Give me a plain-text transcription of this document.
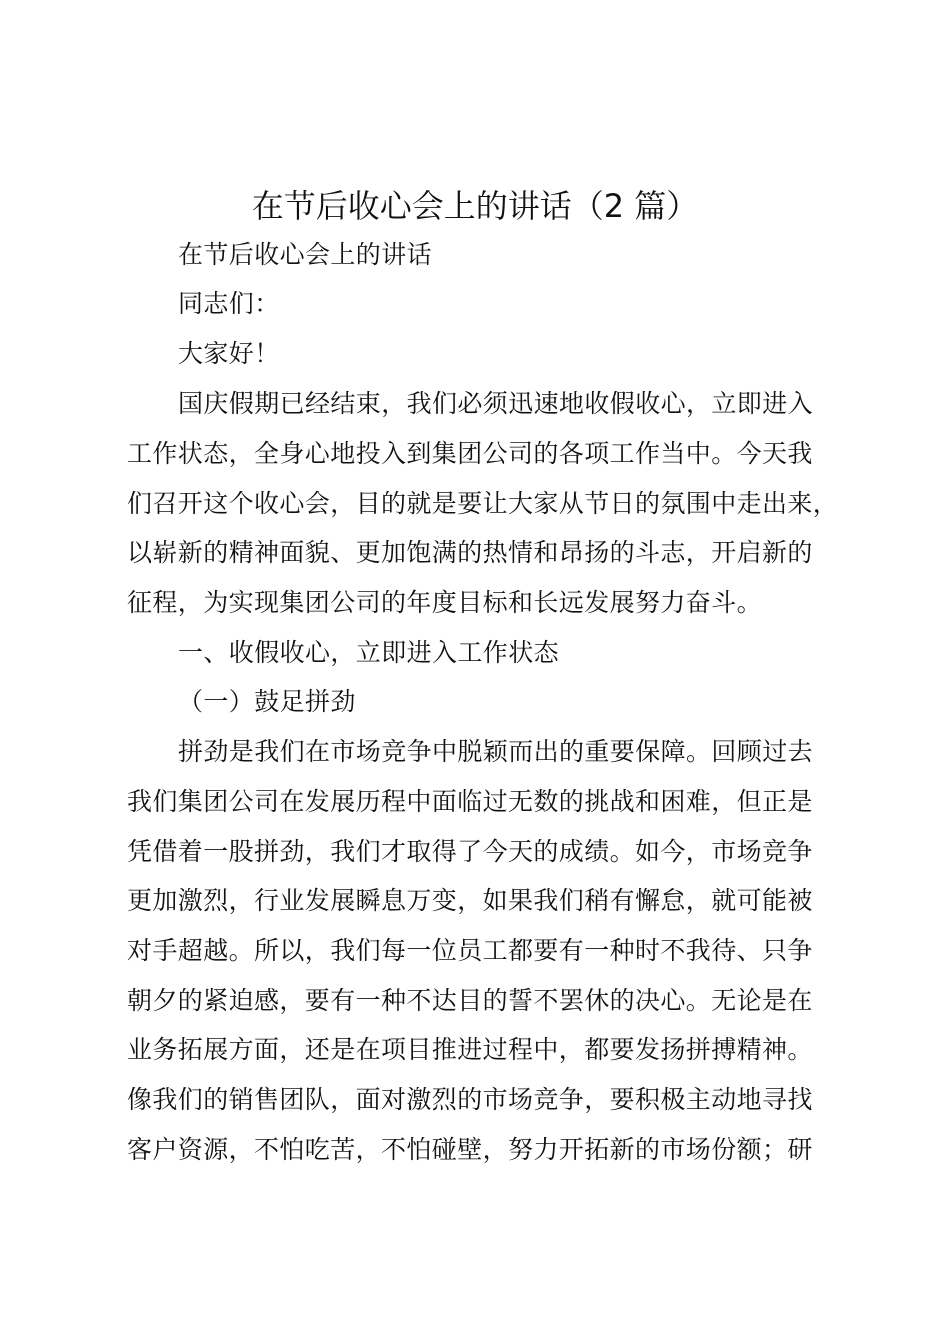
在节后收心会上的讲话（2 篇）
在节后收心会上的讲话
同志们：
大家好！
国庆假期已经结束，我们必须迅速地收假收心，立即进入
工作状态，全身心地投入到集团公司的各项工作当中。今天我
们召开这个收心会，目的就是要让大家从节日的氛围中走出来，
以崭新的精神面貌、更加饱满的热情和昂扬的斗志，开启新的
征程，为实现集团公司的年度目标和长远发展努力奋斗。
一、收假收心，立即进入工作状态
（一）鼓足拼劲
拼劲是我们在市场竞争中脱颖而出的重要保障。回顾过去
我们集团公司在发展历程中面临过无数的挑战和困难，但正是
凭借着一股拼劲，我们才取得了今天的成绩。如今，市场竞争
更加激烈，行业发展瞬息万变，如果我们稍有懈怠，就可能被
对手超越。所以，我们每一位员工都要有一种时不我待、只争
朝夕的紧迫感，要有一种不达目的誓不罢休的决心。无论是在
业务拓展方面，还是在项目推进过程中，都要发扬拼搏精神。
像我们的销售团队，面对激烈的市场竞争，要积极主动地寻找
客户资源，不怕吃苦，不怕碰壁，努力开拓新的市场份额；研
